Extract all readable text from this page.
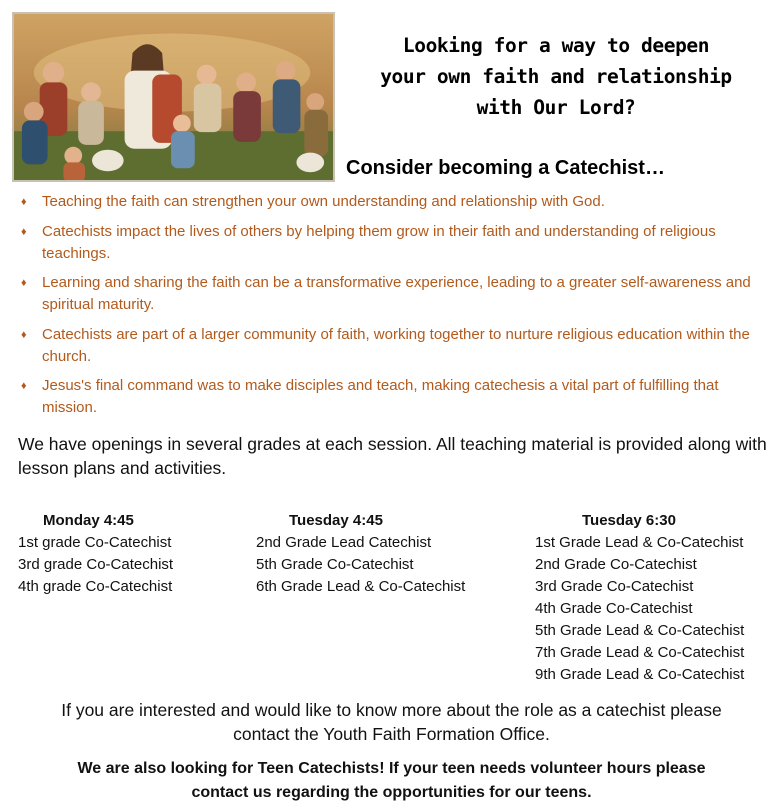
Looking for a way to deepen
your own faith and relationship
with Our Lord?
Consider becoming a Catechist…
♦ Teaching the faith can strengthen your own understanding and relationship with God.
♦ Catechists impact the lives of others by helping them grow in their faith and understanding of religious teachings.
♦ Learning and sharing the faith can be a transformative experience, leading to a greater self-awareness and spiritual maturity.
♦ Catechists are part of a larger community of faith, working together to nurture religious education within the church.
♦ Jesus's final command was to make disciples and teach, making catechesis a vital part of fulfilling that mission.
We have openings in several grades at each session. All teaching material is provided along with lesson plans and activities.
Monday 4:45
1st grade Co-Catechist
3rd grade Co-Catechist
4th grade Co-Catechist
Tuesday 4:45
2nd Grade Lead Catechist
5th Grade Co-Catechist
6th Grade Lead & Co-Catechist
Tuesday 6:30
1st Grade Lead & Co-Catechist
2nd Grade Co-Catechist
3rd Grade Co-Catechist
4th Grade Co-Catechist
5th Grade Lead & Co-Catechist
7th Grade Lead & Co-Catechist
9th Grade Lead & Co-Catechist
If you are interested and would like to know more about the role as a catechist please
contact the Youth Faith Formation Office.
We are also looking for Teen Catechists! If your teen needs volunteer hours please
contact us regarding the opportunities for our teens.
